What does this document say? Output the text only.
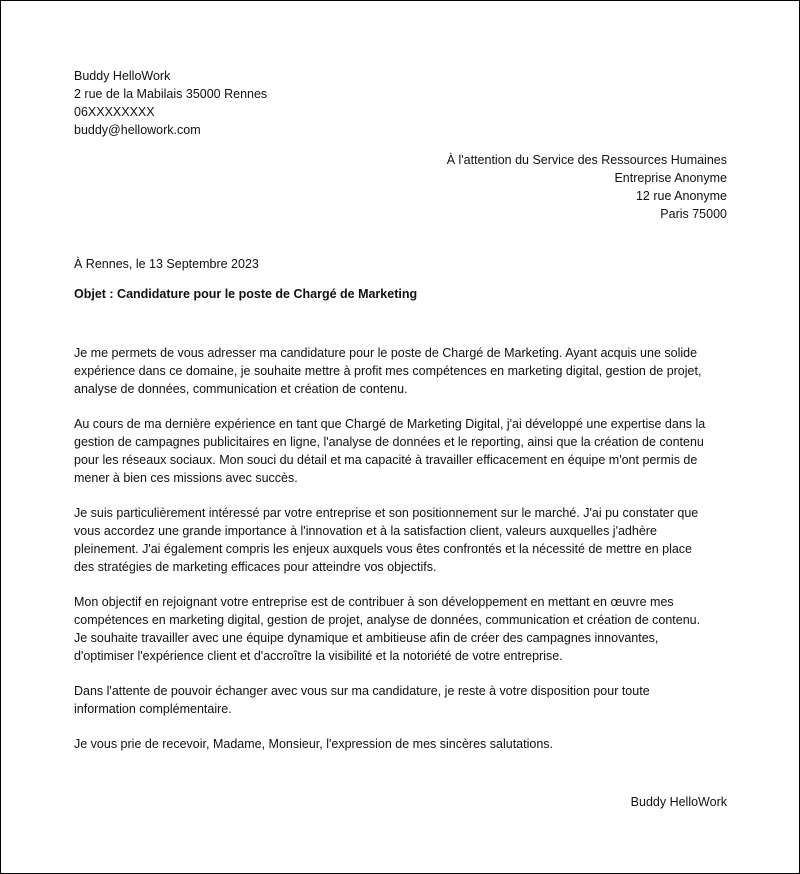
Buddy HelloWork
2 rue de la Mabilais 35000 Rennes
06XXXXXXXX
buddy@hellowork.com
À l'attention du Service des Ressources Humaines
Entreprise Anonyme
12 rue Anonyme
Paris 75000
À Rennes, le 13 Septembre 2023
Objet : Candidature pour le poste de Chargé de Marketing

Je me permets de vous adresser ma candidature pour le poste de Chargé de Marketing. Ayant acquis une solide
expérience dans ce domaine, je souhaite mettre à profit mes compétences en marketing digital, gestion de projet,
analyse de données, communication et création de contenu.

Au cours de ma dernière expérience en tant que Chargé de Marketing Digital, j'ai développé une expertise dans la
gestion de campagnes publicitaires en ligne, l'analyse de données et le reporting, ainsi que la création de contenu
pour les réseaux sociaux. Mon souci du détail et ma capacité à travailler efficacement en équipe m'ont permis de
mener à bien ces missions avec succès.

Je suis particulièrement intéressé par votre entreprise et son positionnement sur le marché. J'ai pu constater que
vous accordez une grande importance à l'innovation et à la satisfaction client, valeurs auxquelles j'adhère
pleinement. J'ai également compris les enjeux auxquels vous êtes confrontés et la nécessité de mettre en place
des stratégies de marketing efficaces pour atteindre vos objectifs.

Mon objectif en rejoignant votre entreprise est de contribuer à son développement en mettant en œuvre mes
compétences en marketing digital, gestion de projet, analyse de données, communication et création de contenu.
Je souhaite travailler avec une équipe dynamique et ambitieuse afin de créer des campagnes innovantes,
d'optimiser l'expérience client et d'accroître la visibilité et la notoriété de votre entreprise.

Dans l'attente de pouvoir échanger avec vous sur ma candidature, je reste à votre disposition pour toute
information complémentaire.

Je vous prie de recevoir, Madame, Monsieur, l'expression de mes sincères salutations.

Buddy HelloWork
